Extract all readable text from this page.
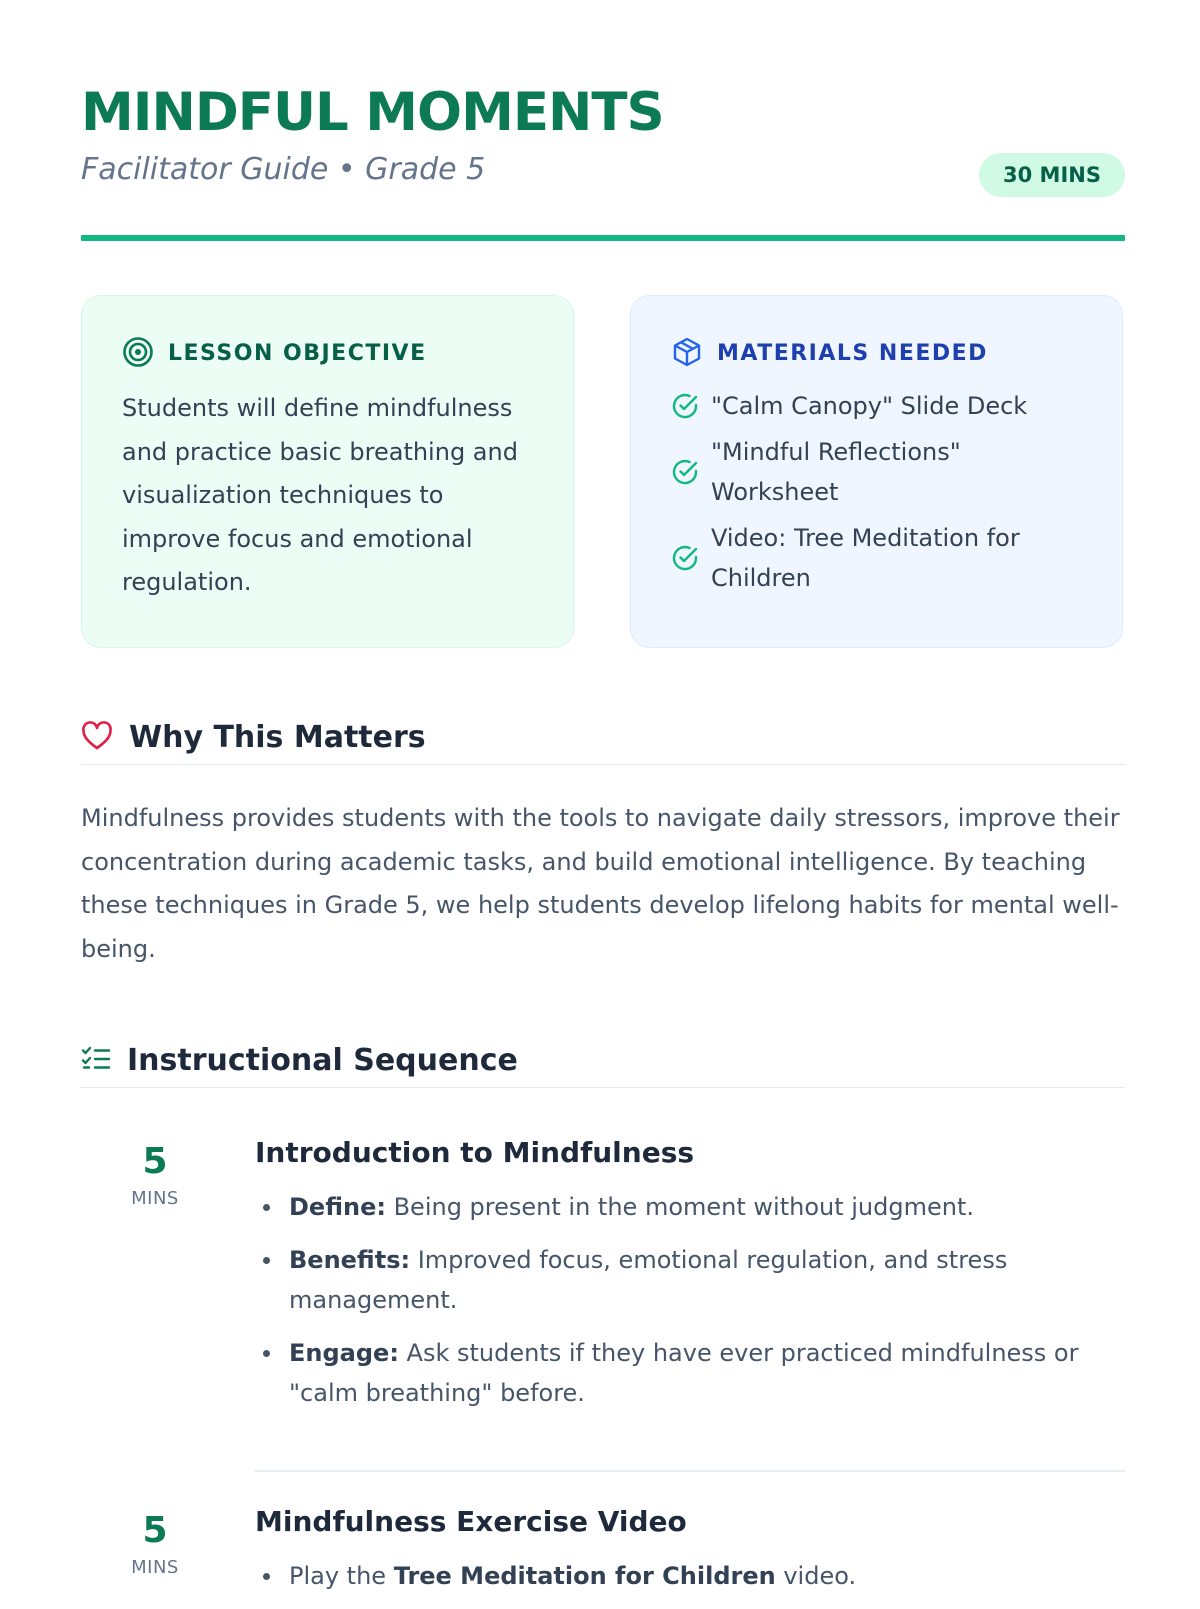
MINDFUL MOMENTS
Facilitator Guide • Grade 5	30 MINS
LESSON OBJECTIVE

Students will define mindfulness and practice basic breathing and visualization techniques to improve focus and emotional regulation.

MATERIALS NEEDED
"Calm Canopy" Slide Deck
"Mindful Reflections" Worksheet
Video: Tree Meditation for Children
Why This Matters

Mindfulness provides students with the tools to navigate daily stressors, improve their concentration during academic tasks, and build emotional intelligence. By teaching these techniques in Grade 5, we help students develop lifelong habits for mental well-being.

Instructional Sequence
5
MINS
Introduction to Mindfulness
Define: Being present in the moment without judgment.
Benefits: Improved focus, emotional regulation, and stress management.
Engage: Ask students if they have ever practiced mindfulness or "calm breathing" before.
5
MINS
Mindfulness Exercise Video
Play the Tree Meditation for Children video.
